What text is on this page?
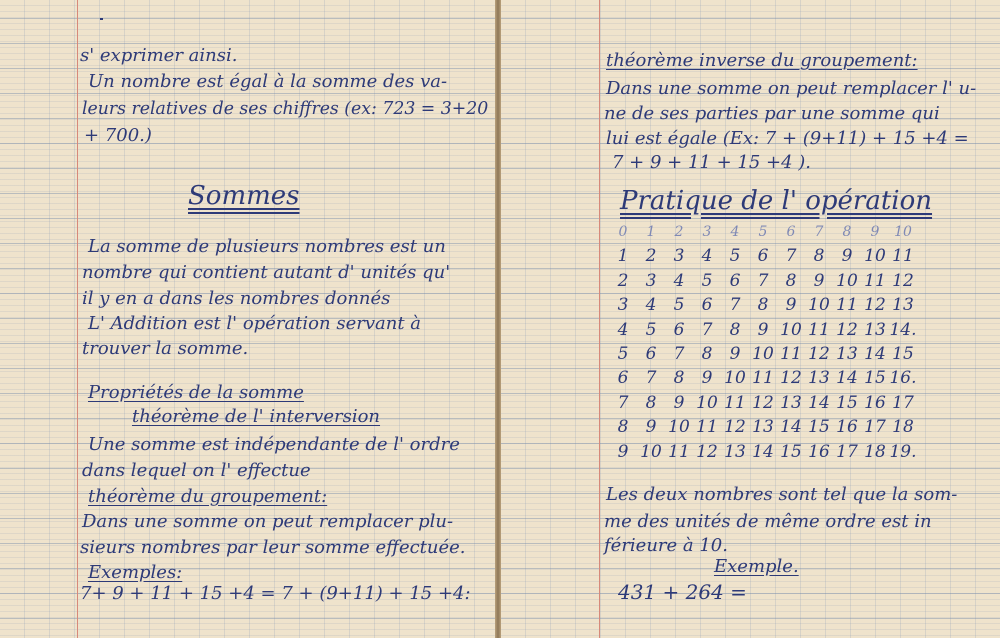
s' exprimer ainsi.
Un nombre est égal à la somme des va-
leurs relatives de ses chiffres (ex: 723 = 3+20
+ 700.)
Sommes
La somme de plusieurs nombres est un
nombre qui contient autant d' unités qu'
il y en a dans les nombres donnés
L' Addition est l' opération servant à
trouver la somme.
Propriétés de la somme
théorème de l' interversion
Une somme est indépendante de l' ordre
dans lequel on l' effectue
théorème du groupement:
Dans une somme on peut remplacer plu-
sieurs nombres par leur somme effectuée.
Exemples:
7+ 9 + 11 + 15 +4 = 7 + (9+11) + 15 +4:
théorème inverse du groupement:
Dans une somme on peut remplacer l' u-
ne de ses parties par une somme qui
lui est égale (Ex: 7 + (9+11) + 15 +4 =
7 + 9 + 11 + 15 +4 ).
Pratique de l' opération
0	1	2	3	4	5	6	7	8	9	10
1	2	3	4	5	6	7	8	9 10 11
2	3	4	5	6	7	8	9 10 11 12
3	4	5	6	7	8	9 10 11 12 13
4	5	6	7	8	9 10 11 12 13 14.
5	6	7	8	9 10 11 12 13 14 15
6	7	8	9 10 11 12 13 14 15 16.
7	8	9 10 11 12 13 14 15 16 17
8	9 10 11 12 13 14 15 16 17 18
9 10 11 12 13 14 15 16 17 18 19.
Les deux nombres sont tel que la som-
me des unités de même ordre est in
férieure à 10.
Exemple.
431 + 264 =
